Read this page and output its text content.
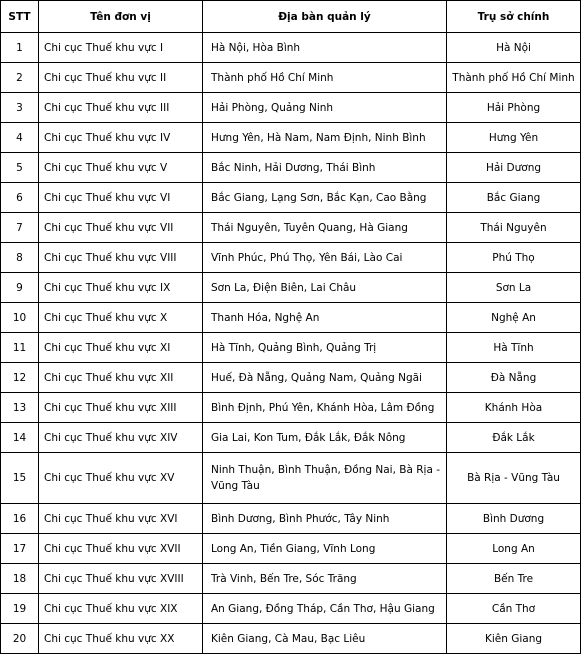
STT	Tên đơn vị	Địa bàn quản lý	Trụ sở chính
1	Chi cục Thuế khu vực I	Hà Nội, Hòa Bình	Hà Nội
2	Chi cục Thuế khu vực II	Thành phố Hồ Chí Minh	Thành phố Hồ Chí Minh
3	Chi cục Thuế khu vực III	Hải Phòng, Quảng Ninh	Hải Phòng
4	Chi cục Thuế khu vực IV	Hưng Yên, Hà Nam, Nam Định, Ninh Bình	Hưng Yên
5	Chi cục Thuế khu vực V	Bắc Ninh, Hải Dương, Thái Bình	Hải Dương
6	Chi cục Thuế khu vực VI	Bắc Giang, Lạng Sơn, Bắc Kạn, Cao Bằng	Bắc Giang
7	Chi cục Thuế khu vực VII	Thái Nguyên, Tuyên Quang, Hà Giang	Thái Nguyên
8	Chi cục Thuế khu vực VIII	Vĩnh Phúc, Phú Thọ, Yên Bái, Lào Cai	Phú Thọ
9	Chi cục Thuế khu vực IX	Sơn La, Điện Biên, Lai Châu	Sơn La
10	Chi cục Thuế khu vực X	Thanh Hóa, Nghệ An	Nghệ An
11	Chi cục Thuế khu vực XI	Hà Tĩnh, Quảng Bình, Quảng Trị	Hà Tĩnh
12	Chi cục Thuế khu vực XII	Huế, Đà Nẵng, Quảng Nam, Quảng Ngãi	Đà Nẵng
13	Chi cục Thuế khu vực XIII	Bình Định, Phú Yên, Khánh Hòa, Lâm Đồng	Khánh Hòa
14	Chi cục Thuế khu vực XIV	Gia Lai, Kon Tum, Đắk Lắk, Đắk Nông	Đắk Lắk
15	Chi cục Thuế khu vực XV	Ninh Thuận, Bình Thuận, Đồng Nai, Bà Rịa - Vũng Tàu	Bà Rịa - Vũng Tàu
16	Chi cục Thuế khu vực XVI	Bình Dương, Bình Phước, Tây Ninh	Bình Dương
17	Chi cục Thuế khu vực XVII	Long An, Tiền Giang, Vĩnh Long	Long An
18	Chi cục Thuế khu vực XVIII	Trà Vinh, Bến Tre, Sóc Trăng	Bến Tre
19	Chi cục Thuế khu vực XIX	An Giang, Đồng Tháp, Cần Thơ, Hậu Giang	Cần Thơ
20	Chi cục Thuế khu vực XX	Kiên Giang, Cà Mau, Bạc Liêu	Kiên Giang
